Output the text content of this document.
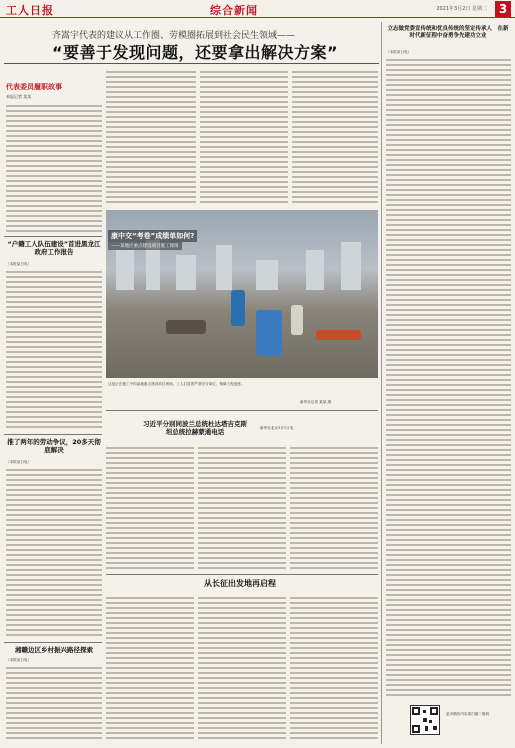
工人日报	综合新闻	2021年3月2日 星期二 3
齐嵩宇代表的建议从工作圈、劳模圈拓展到社会民生领域——
“要善于发现问题，还要拿出解决方案”
代表委员履职故事
本报记者 某某
“户籍工人队伍建设”首进黑龙江政府工作报告
（本报某日电）
推了两年的劳动争议，20多天彻底解决
（本报某日电）
湘赣边区乡村振兴路径探索
（本报某日电）
康中交“考卷”成绩单如何?
——某地区重点建设项目施工现场
这是正在施工中的某地重点建设项目现场。工人们冒着严寒坚守岗位，保障工程进度。
新华社记者 某某 摄
习近平分别同波兰总统杜达塔吉克斯坦总统拉赫蒙通电话	新华社北京3月1日电
从长征出发地再启程
立志做党委宣传统和优良传统的坚定传承人　在新时代新征程中奋勇争先建功立业
（本报某日电）
更多精彩内容请扫描二维码
